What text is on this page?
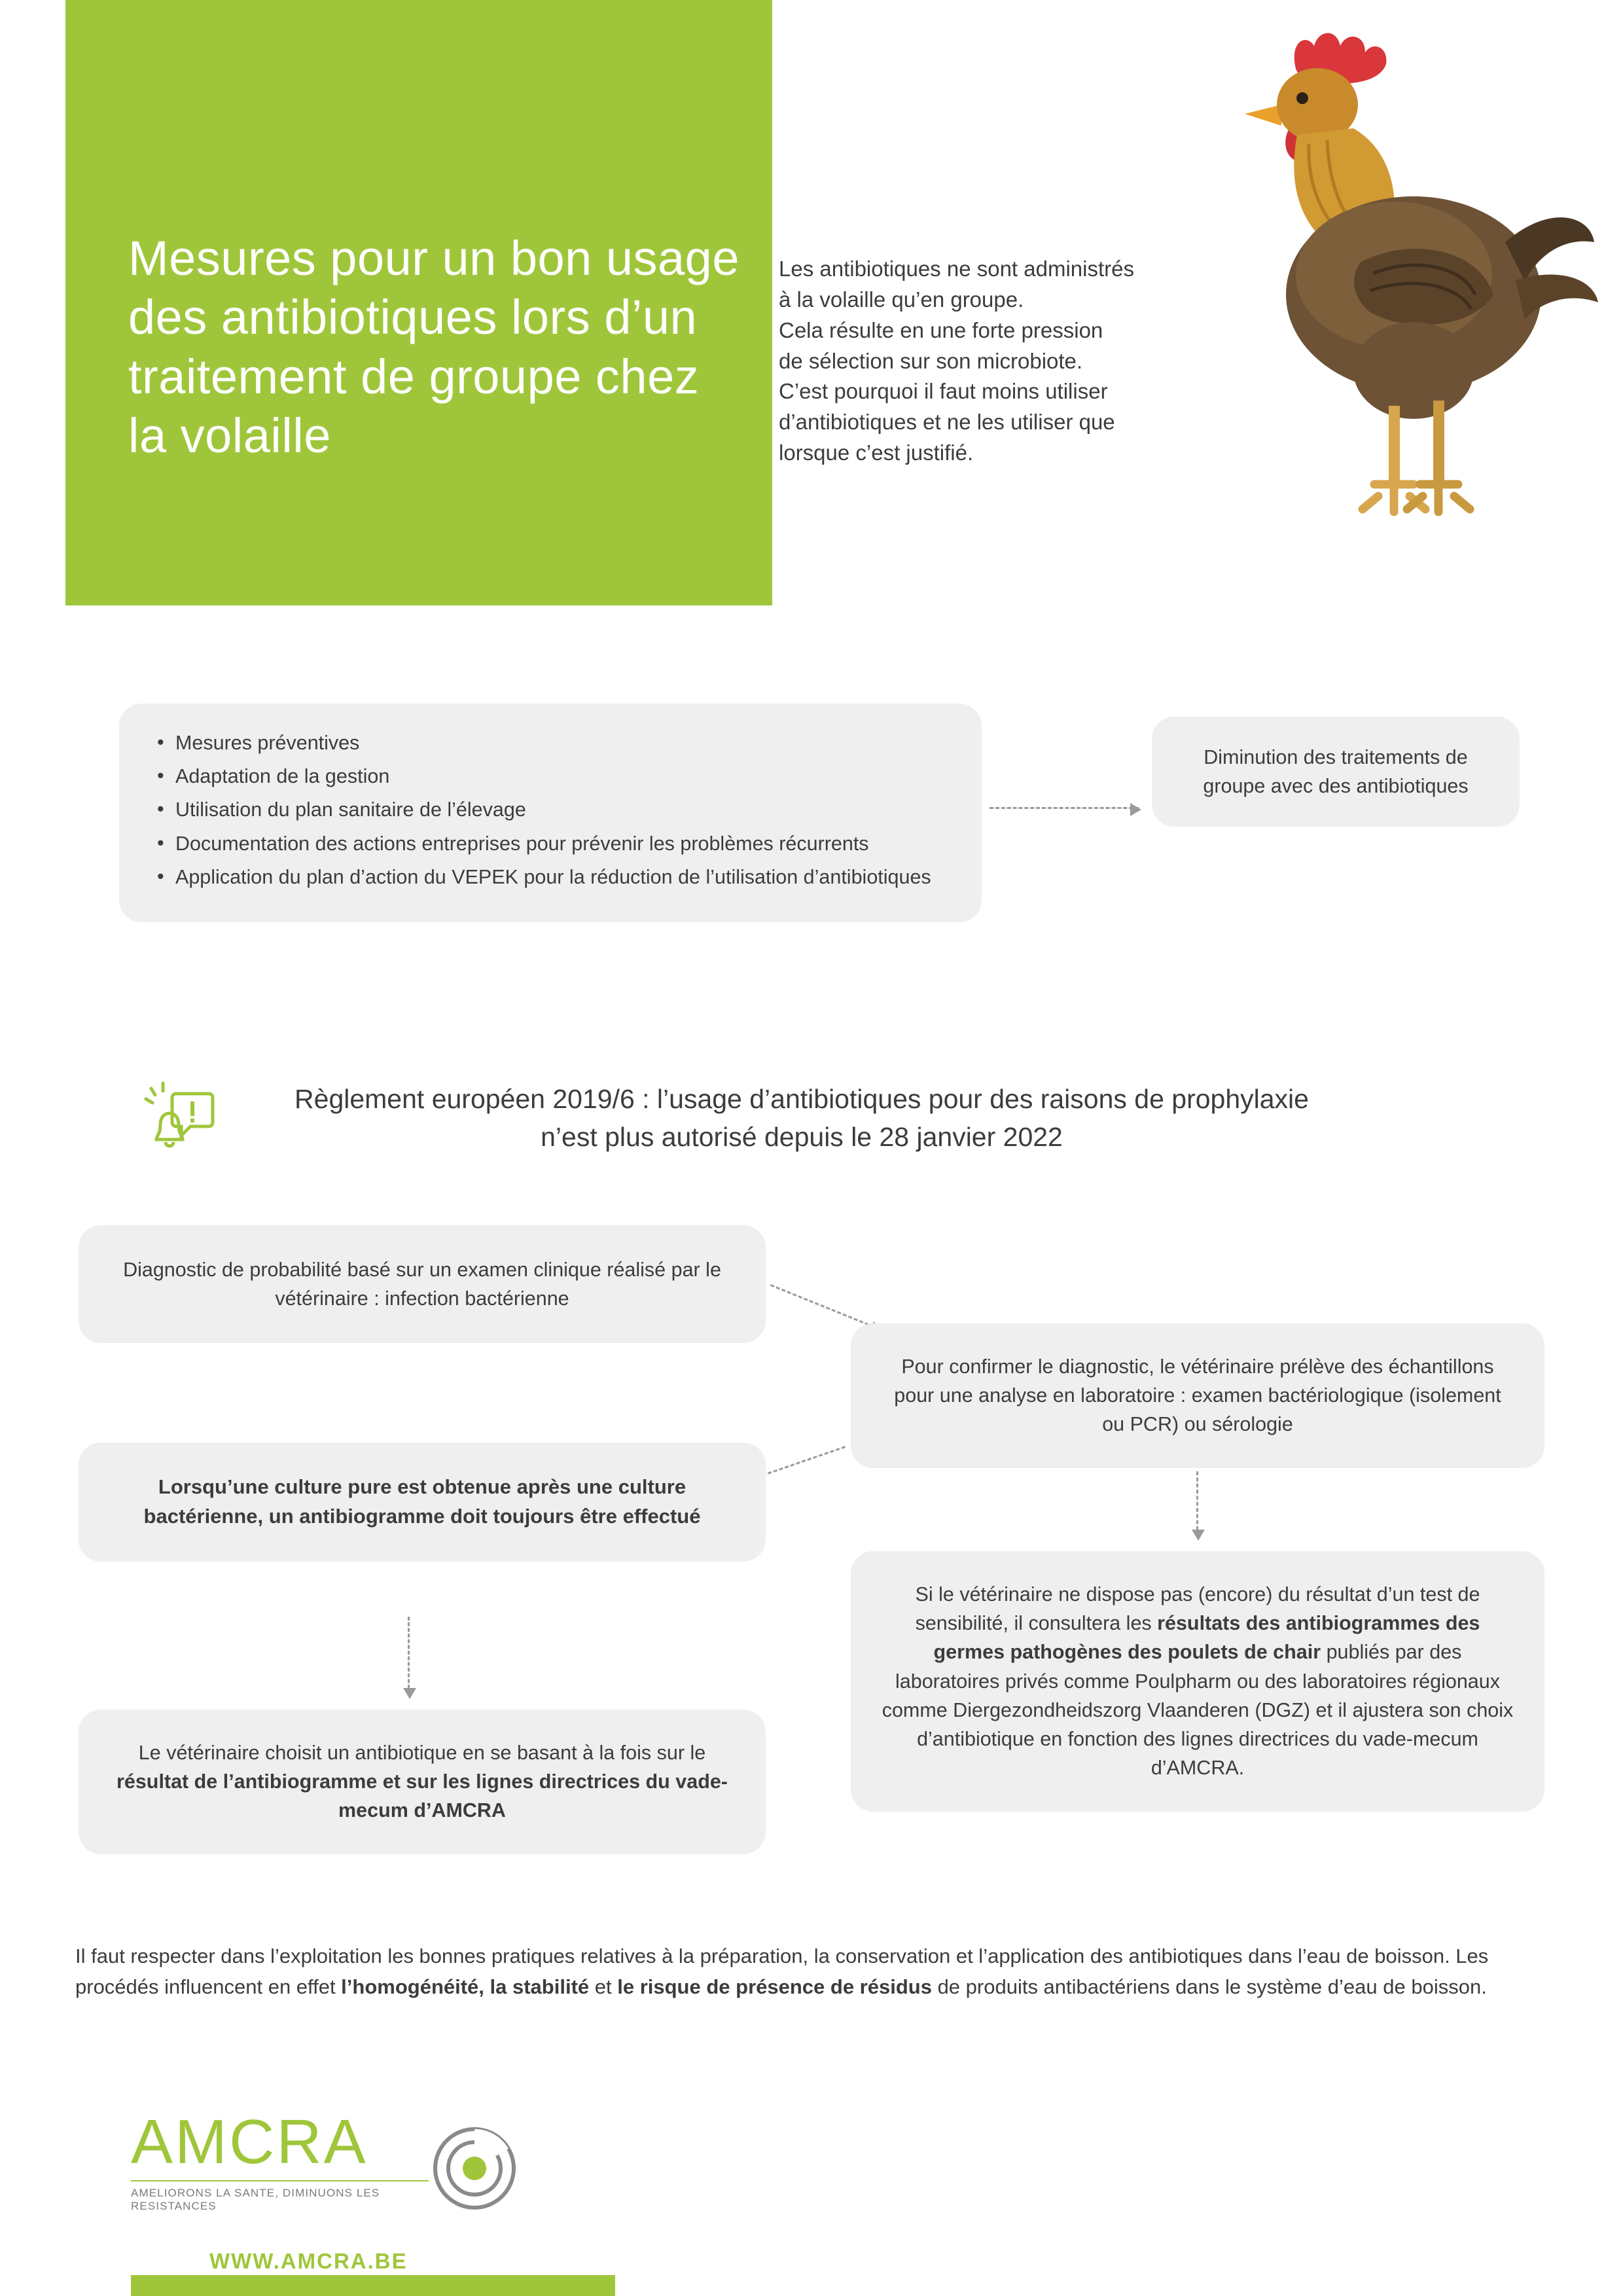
Mesures pour un bon usage des antibiotiques lors d’un traitement de groupe chez la volaille

Les antibiotiques ne sont administrés

à la volaille qu’en groupe.

Cela résulte en une forte pression

de sélection sur son microbiote.

C’est pourquoi il faut moins utiliser

d’antibiotiques et ne les utiliser que

lorsque c’est justifié.

• Mesures préventives
• Adaptation de la gestion
• Utilisation du plan sanitaire de l’élevage
• Documentation des actions entreprises pour prévenir les problèmes récurrents
• Application du plan d’action du VEPEK pour la réduction de l’utilisation d’antibiotiques
Diminution des traitements de groupe avec des antibiotiques
Règlement européen 2019/6 : l’usage d’antibiotiques pour des raisons de prophylaxie n’est plus autorisé depuis le 28 janvier 2022
Diagnostic de probabilité basé sur un examen clinique réalisé par le vétérinaire : infection bactérienne
Pour confirmer le diagnostic, le vétérinaire prélève des échantillons pour une analyse en laboratoire : examen bactériologique (isolement ou PCR) ou sérologie
Lorsqu’une culture pure est obtenue après une culture bactérienne, un antibiogramme doit toujours être effectué
Le vétérinaire choisit un antibiotique en se basant à la fois sur le résultat de l’antibiogramme et sur les lignes directrices du vade-mecum d’AMCRA
Si le vétérinaire ne dispose pas (encore) du résultat d’un test de sensibilité, il consultera les résultats des antibiogrammes des germes pathogènes des poulets de chair publiés par des laboratoires privés comme Poulpharm ou des laboratoires régionaux comme Diergezondheidszorg Vlaanderen (DGZ) et il ajustera son choix d’antibiotique en fonction des lignes directrices du vade-mecum d’AMCRA.
Il faut respecter dans l’exploitation les bonnes pratiques relatives à la préparation, la conservation et l’application des antibiotiques dans l’eau de boisson. Les procédés influencent en effet l’homogénéité, la stabilité et le risque de présence de résidus de produits antibactériens dans le système d’eau de boisson.
AMCRA
AMELIORONS LA SANTE, DIMINUONS LES RESISTANCES
WWW.AMCRA.BE
